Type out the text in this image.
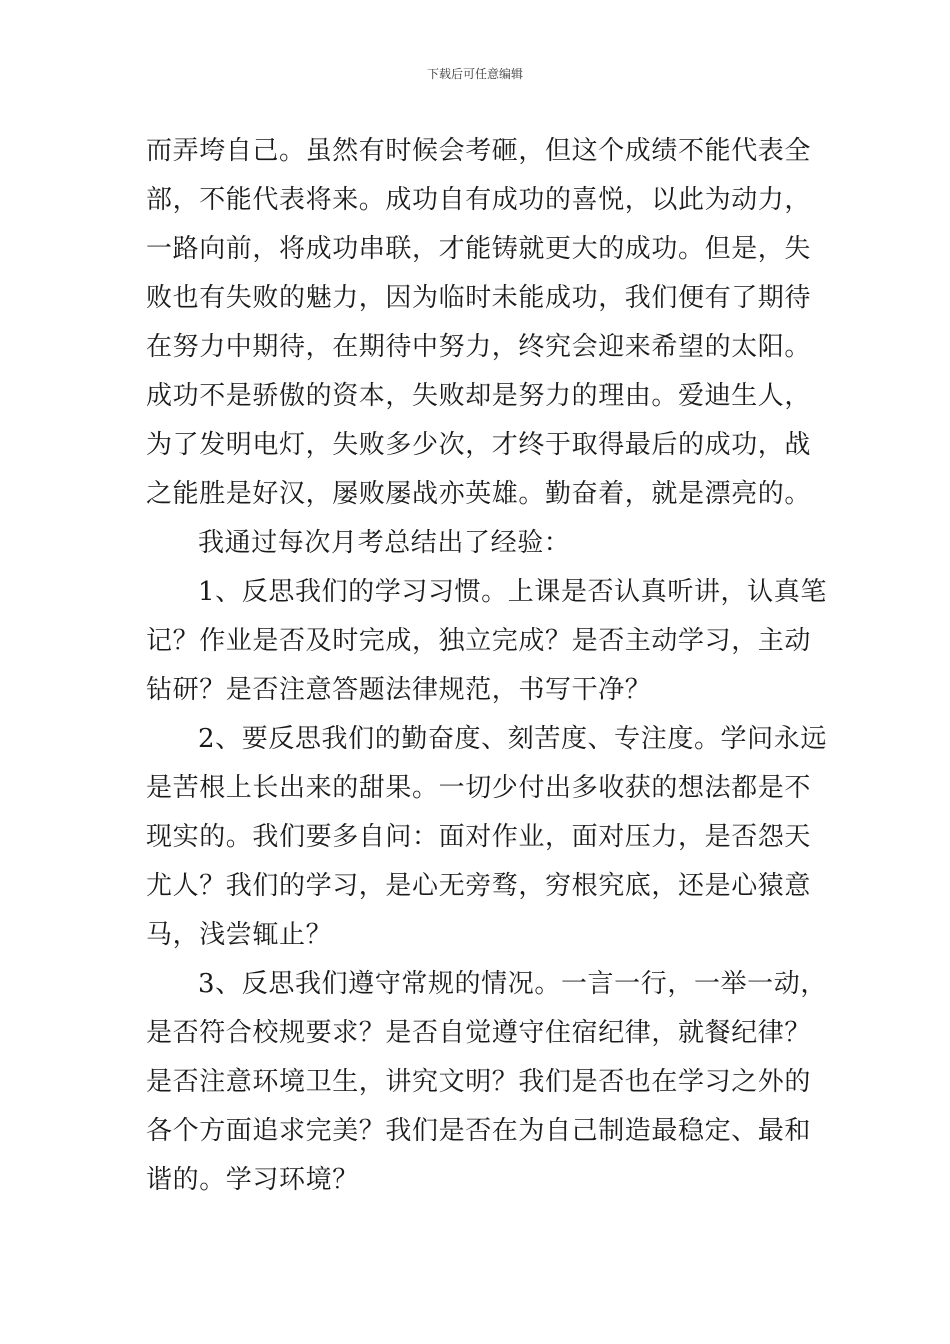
下载后可任意编辑
而弄垮自己。虽然有时候会考砸，但这个成绩不能代表全
部，不能代表将来。成功自有成功的喜悦，以此为动力，
一路向前，将成功串联，才能铸就更大的成功。但是，失
败也有失败的魅力，因为临时未能成功，我们便有了期待
在努力中期待，在期待中努力，终究会迎来希望的太阳。
成功不是骄傲的资本，失败却是努力的理由。爱迪生人，
为了发明电灯，失败多少次，才终于取得最后的成功，战
之能胜是好汉，屡败屡战亦英雄。勤奋着，就是漂亮的。
我通过每次月考总结出了经验：
1、反思我们的学习习惯。上课是否认真听讲，认真笔
记？作业是否及时完成，独立完成？是否主动学习，主动
钻研？是否注意答题法律规范，书写干净？
2、要反思我们的勤奋度、刻苦度、专注度。学问永远
是苦根上长出来的甜果。一切少付出多收获的想法都是不
现实的。我们要多自问：面对作业，面对压力，是否怨天
尤人？我们的学习，是心无旁骛，穷根究底，还是心猿意
马，浅尝辄止？
3、反思我们遵守常规的情况。一言一行，一举一动，
是否符合校规要求？是否自觉遵守住宿纪律，就餐纪律？
是否注意环境卫生，讲究文明？我们是否也在学习之外的
各个方面追求完美？我们是否在为自己制造最稳定、最和
谐的。学习环境？
